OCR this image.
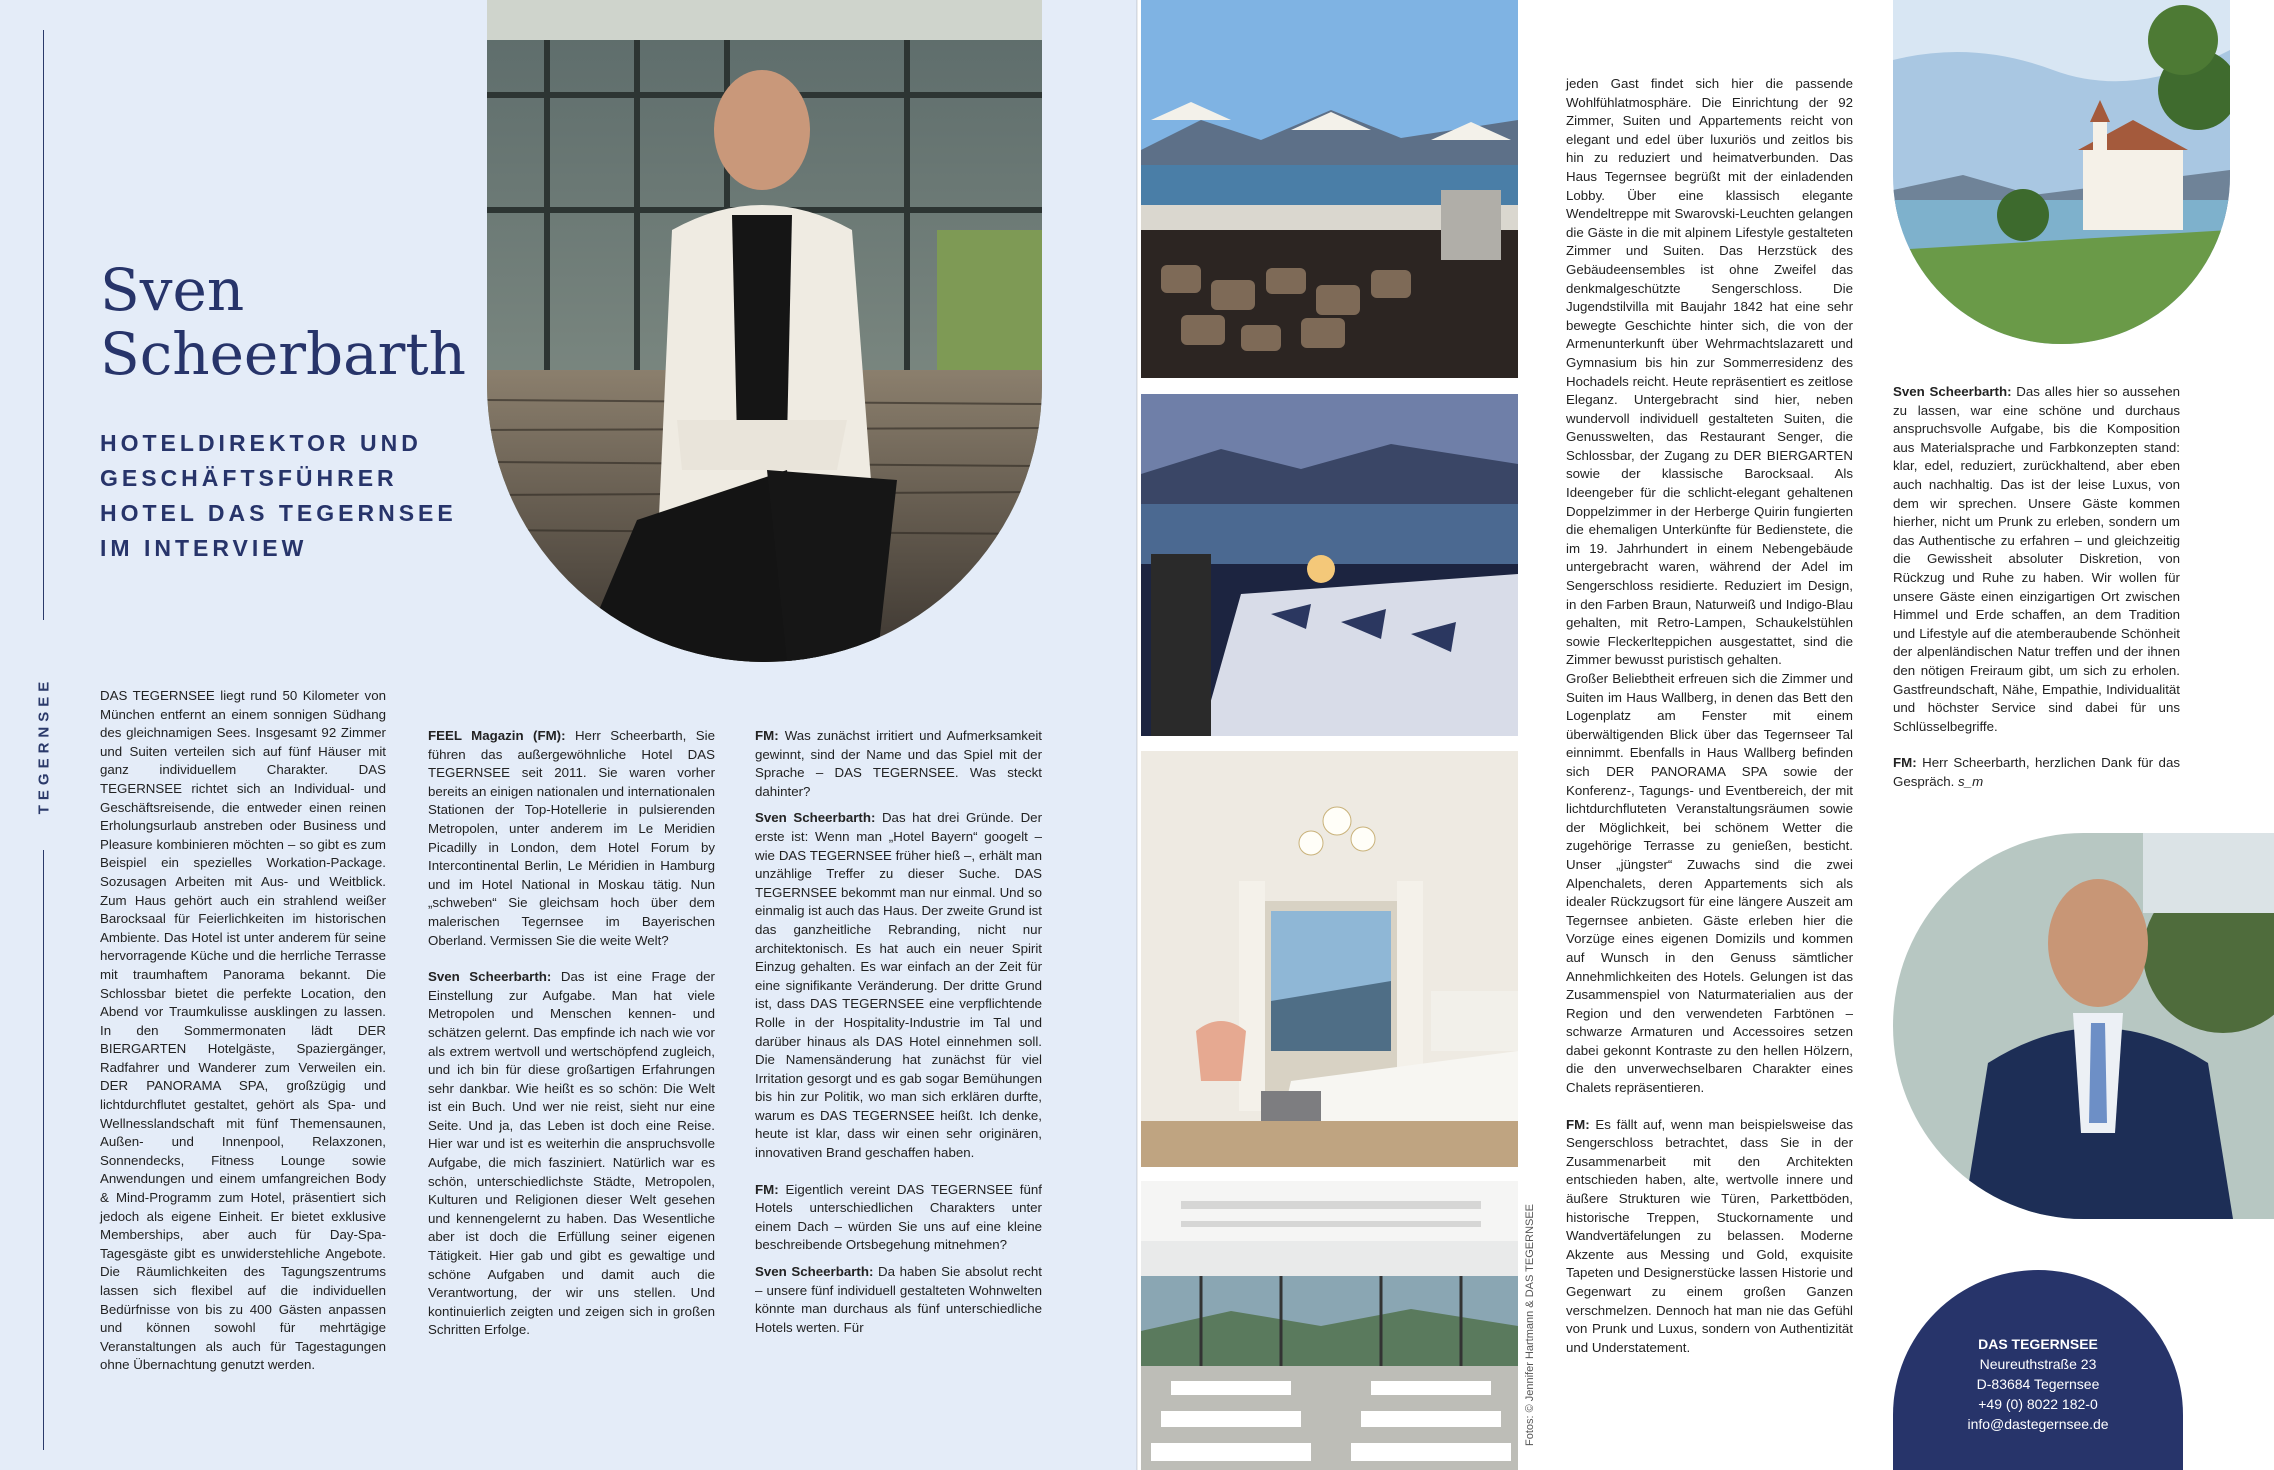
TEGERNSEE
Sven
Scheerbarth
HOTELDIREKTOR UND
GESCHÄFTSFÜHRER
HOTEL DAS TEGERNSEE
IM INTERVIEW

DAS TEGERNSEE liegt rund 50 Kilometer von München entfernt an einem sonnigen Südhang des gleichnamigen Sees. Insgesamt 92 Zimmer und Suiten verteilen sich auf fünf Häuser mit ganz individuellem Charakter. DAS TEGERNSEE richtet sich an Individual- und Geschäftsreisende, die entweder einen reinen Erholungsurlaub anstreben oder Business und Pleasure kombinieren möchten – so gibt es zum Beispiel ein spezielles Workation-Package. Sozusagen Arbeiten mit Aus- und Weitblick. Zum Haus gehört auch ein strahlend weißer Barocksaal für Feierlichkeiten im historischen Ambiente. Das Hotel ist unter anderem für seine hervorragende Küche und die herrliche Terrasse mit traumhaftem Panorama bekannt. Die Schlossbar bietet die perfekte Location, den Abend vor Traumkulisse ausklingen zu lassen. In den Sommermonaten lädt DER BIERGARTEN Hotelgäste, Spaziergänger, Radfahrer und Wanderer zum Verweilen ein. DER PANORAMA SPA, großzügig und lichtdurchflutet gestaltet, gehört als Spa- und Wellnesslandschaft mit fünf Themensaunen, Außen- und Innenpool, Relaxzonen, Sonnendecks, Fitness Lounge sowie Anwendungen und einem umfangreichen Body & Mind-Programm zum Hotel, präsentiert sich jedoch als eigene Einheit. Er bietet exklusive Memberships, aber auch für Day-Spa-Tagesgäste gibt es unwiderstehliche Angebote. Die Räumlichkeiten des Tagungszentrums lassen sich flexibel auf die individuellen Bedürfnisse von bis zu 400 Gästen anpassen und können sowohl für mehrtägige Veranstaltungen als auch für Tagestagungen ohne Übernachtung genutzt werden.

FEEL Magazin (FM): Herr Scheerbarth, Sie führen das außergewöhnliche Hotel DAS TEGERNSEE seit 2011. Sie waren vorher bereits an einigen nationalen und internationalen Stationen der Top-Hotellerie in pulsierenden Metropolen, unter anderem im Le Meridien Picadilly in London, dem Hotel Forum by Intercontinental Berlin, Le Méridien in Hamburg und im Hotel National in Moskau tätig. Nun „schweben“ Sie gleichsam hoch über dem malerischen Tegernsee im Bayerischen Oberland. Vermissen Sie die weite Welt?

Sven Scheerbarth: Das ist eine Frage der Einstellung zur Aufgabe. Man hat viele Metropolen und Menschen kennen- und schätzen gelernt. Das empfinde ich nach wie vor als extrem wertvoll und wertschöpfend zugleich, und ich bin für diese großartigen Erfahrungen sehr dankbar. Wie heißt es so schön: Die Welt ist ein Buch. Und wer nie reist, sieht nur eine Seite. Und ja, das Leben ist doch eine Reise. Hier war und ist es weiterhin die anspruchsvolle Aufgabe, die mich fasziniert. Natürlich war es schön, unterschiedlichste Städte, Metropolen, Kulturen und Religionen dieser Welt gesehen und kennengelernt zu haben. Das Wesentliche aber ist doch die Erfüllung seiner eigenen Tätigkeit. Hier gab und gibt es gewaltige und schöne Aufgaben und damit auch die Verantwortung, der wir uns stellen. Und kontinuierlich zeigten und zeigen sich in großen Schritten Erfolge.

FM: Was zunächst irritiert und Aufmerksamkeit gewinnt, sind der Name und das Spiel mit der Sprache – DAS TEGERNSEE. Was steckt dahinter?

Sven Scheerbarth: Das hat drei Gründe. Der erste ist: Wenn man „Hotel Bayern“ googelt – wie DAS TEGERNSEE früher hieß –, erhält man unzählige Treffer zu dieser Suche. DAS TEGERNSEE bekommt man nur einmal. Und so einmalig ist auch das Haus. Der zweite Grund ist das ganzheitliche Rebranding, nicht nur architektonisch. Es hat auch ein neuer Spirit Einzug gehalten. Es war einfach an der Zeit für eine signifikante Veränderung. Der dritte Grund ist, dass DAS TEGERNSEE eine verpflichtende Rolle in der Hospitality-Industrie im Tal und darüber hinaus als DAS Hotel einnehmen soll. Die Namensänderung hat zunächst für viel Irritation gesorgt und es gab sogar Bemühungen bis hin zur Politik, wo man sich erklären durfte, warum es DAS TEGERNSEE heißt. Ich denke, heute ist klar, dass wir einen sehr originären, innovativen Brand geschaffen haben.

FM: Eigentlich vereint DAS TEGERNSEE fünf Hotels unterschiedlichen Charakters unter einem Dach – würden Sie uns auf eine kleine beschreibende Ortsbegehung mitnehmen?

Sven Scheerbarth: Da haben Sie absolut recht – unsere fünf individuell gestalteten Wohnwelten könnte man durchaus als fünf unterschiedliche Hotels werten. Für	Fotos: © Jennifer Hartmann & DAS TEGERNSEE

jeden Gast findet sich hier die passende Wohlfühlatmosphäre. Die Einrichtung der 92 Zimmer, Suiten und Appartements reicht von elegant und edel über luxuriös und zeitlos bis hin zu reduziert und heimatverbunden. Das Haus Tegernsee begrüßt mit der einladenden Lobby. Über eine klassisch elegante Wendeltreppe mit Swarovski-Leuchten gelangen die Gäste in die mit alpinem Lifestyle gestalteten Zimmer und Suiten. Das Herzstück des Gebäudeensembles ist ohne Zweifel das denkmalgeschützte Sengerschloss. Die Jugendstilvilla mit Baujahr 1842 hat eine sehr bewegte Geschichte hinter sich, die von der Armenunterkunft über Wehrmachtslazarett und Gymnasium bis hin zur Sommerresidenz des Hochadels reicht. Heute repräsentiert es zeitlose Eleganz. Untergebracht sind hier, neben wundervoll individuell gestalteten Suiten, die Genusswelten, das Restaurant Senger, die Schlossbar, der Zugang zu DER BIERGARTEN sowie der klassische Barocksaal. Als Ideengeber für die schlicht-elegant gehaltenen Doppelzimmer in der Herberge Quirin fungierten die ehemaligen Unterkünfte für Bedienstete, die im 19. Jahrhundert in einem Nebengebäude untergebracht waren, während der Adel im Sengerschloss residierte. Reduziert im Design, in den Farben Braun, Naturweiß und Indigo-Blau gehalten, mit Retro-Lampen, Schaukelstühlen sowie Fleckerlteppichen ausgestattet, sind die Zimmer bewusst puristisch gehalten.

Großer Beliebtheit erfreuen sich die Zimmer und Suiten im Haus Wallberg, in denen das Bett den Logenplatz am Fenster mit einem überwältigenden Blick über das Tegernseer Tal einnimmt. Ebenfalls in Haus Wallberg befinden sich DER PANORAMA SPA sowie der Konferenz-, Tagungs- und Eventbereich, der mit lichtdurchfluteten Veranstaltungsräumen sowie der Möglichkeit, bei schönem Wetter die zugehörige Terrasse zu genießen, besticht. Unser „jüngster“ Zuwachs sind die zwei Alpenchalets, deren Appartements sich als idealer Rückzugsort für eine längere Auszeit am Tegernsee anbieten. Gäste erleben hier die Vorzüge eines eigenen Domizils und kommen auf Wunsch in den Genuss sämtlicher Annehmlichkeiten des Hotels. Gelungen ist das Zusammenspiel von Naturmaterialien aus der Region und den verwendeten Farbtönen – schwarze Armaturen und Accessoires setzen dabei gekonnt Kontraste zu den hellen Hölzern, die den unverwechselbaren Charakter eines Chalets repräsentieren.

FM: Es fällt auf, wenn man beispielsweise das Sengerschloss betrachtet, dass Sie in der Zusammenarbeit mit den Architekten entschieden haben, alte, wertvolle innere und äußere Strukturen wie Türen, Parkettböden, historische Treppen, Stuckornamente und Wandvertäfelungen zu belassen. Moderne Akzente aus Messing und Gold, exquisite Tapeten und Designerstücke lassen Historie und Gegenwart zu einem großen Ganzen verschmelzen. Dennoch hat man nie das Gefühl von Prunk und Luxus, sondern von Authentizität und Understatement.

Sven Scheerbarth: Das alles hier so aussehen zu lassen, war eine schöne und durchaus anspruchsvolle Aufgabe, bis die Komposition aus Materialsprache und Farbkonzepten stand: klar, edel, reduziert, zurückhaltend, aber eben auch nachhaltig. Das ist der leise Luxus, von dem wir sprechen. Unsere Gäste kommen hierher, nicht um Prunk zu erleben, sondern um das Authentische zu erfahren – und gleichzeitig die Gewissheit absoluter Diskretion, von Rückzug und Ruhe zu haben. Wir wollen für unsere Gäste einen einzigartigen Ort zwischen Himmel und Erde schaffen, an dem Tradition und Lifestyle auf die atemberaubende Schönheit der alpenländischen Natur treffen und der ihnen den nötigen Freiraum gibt, um sich zu erholen. Gastfreundschaft, Nähe, Empathie, Individualität und höchster Service sind dabei für uns Schlüsselbegriffe.

FM: Herr Scheerbarth, herzlichen Dank für das Gespräch. s_m

DAS TEGERNSEE
Neureuthstraße 23
D-83684 Tegernsee
+49 (0) 8022 182-0
info@dastegernsee.de
